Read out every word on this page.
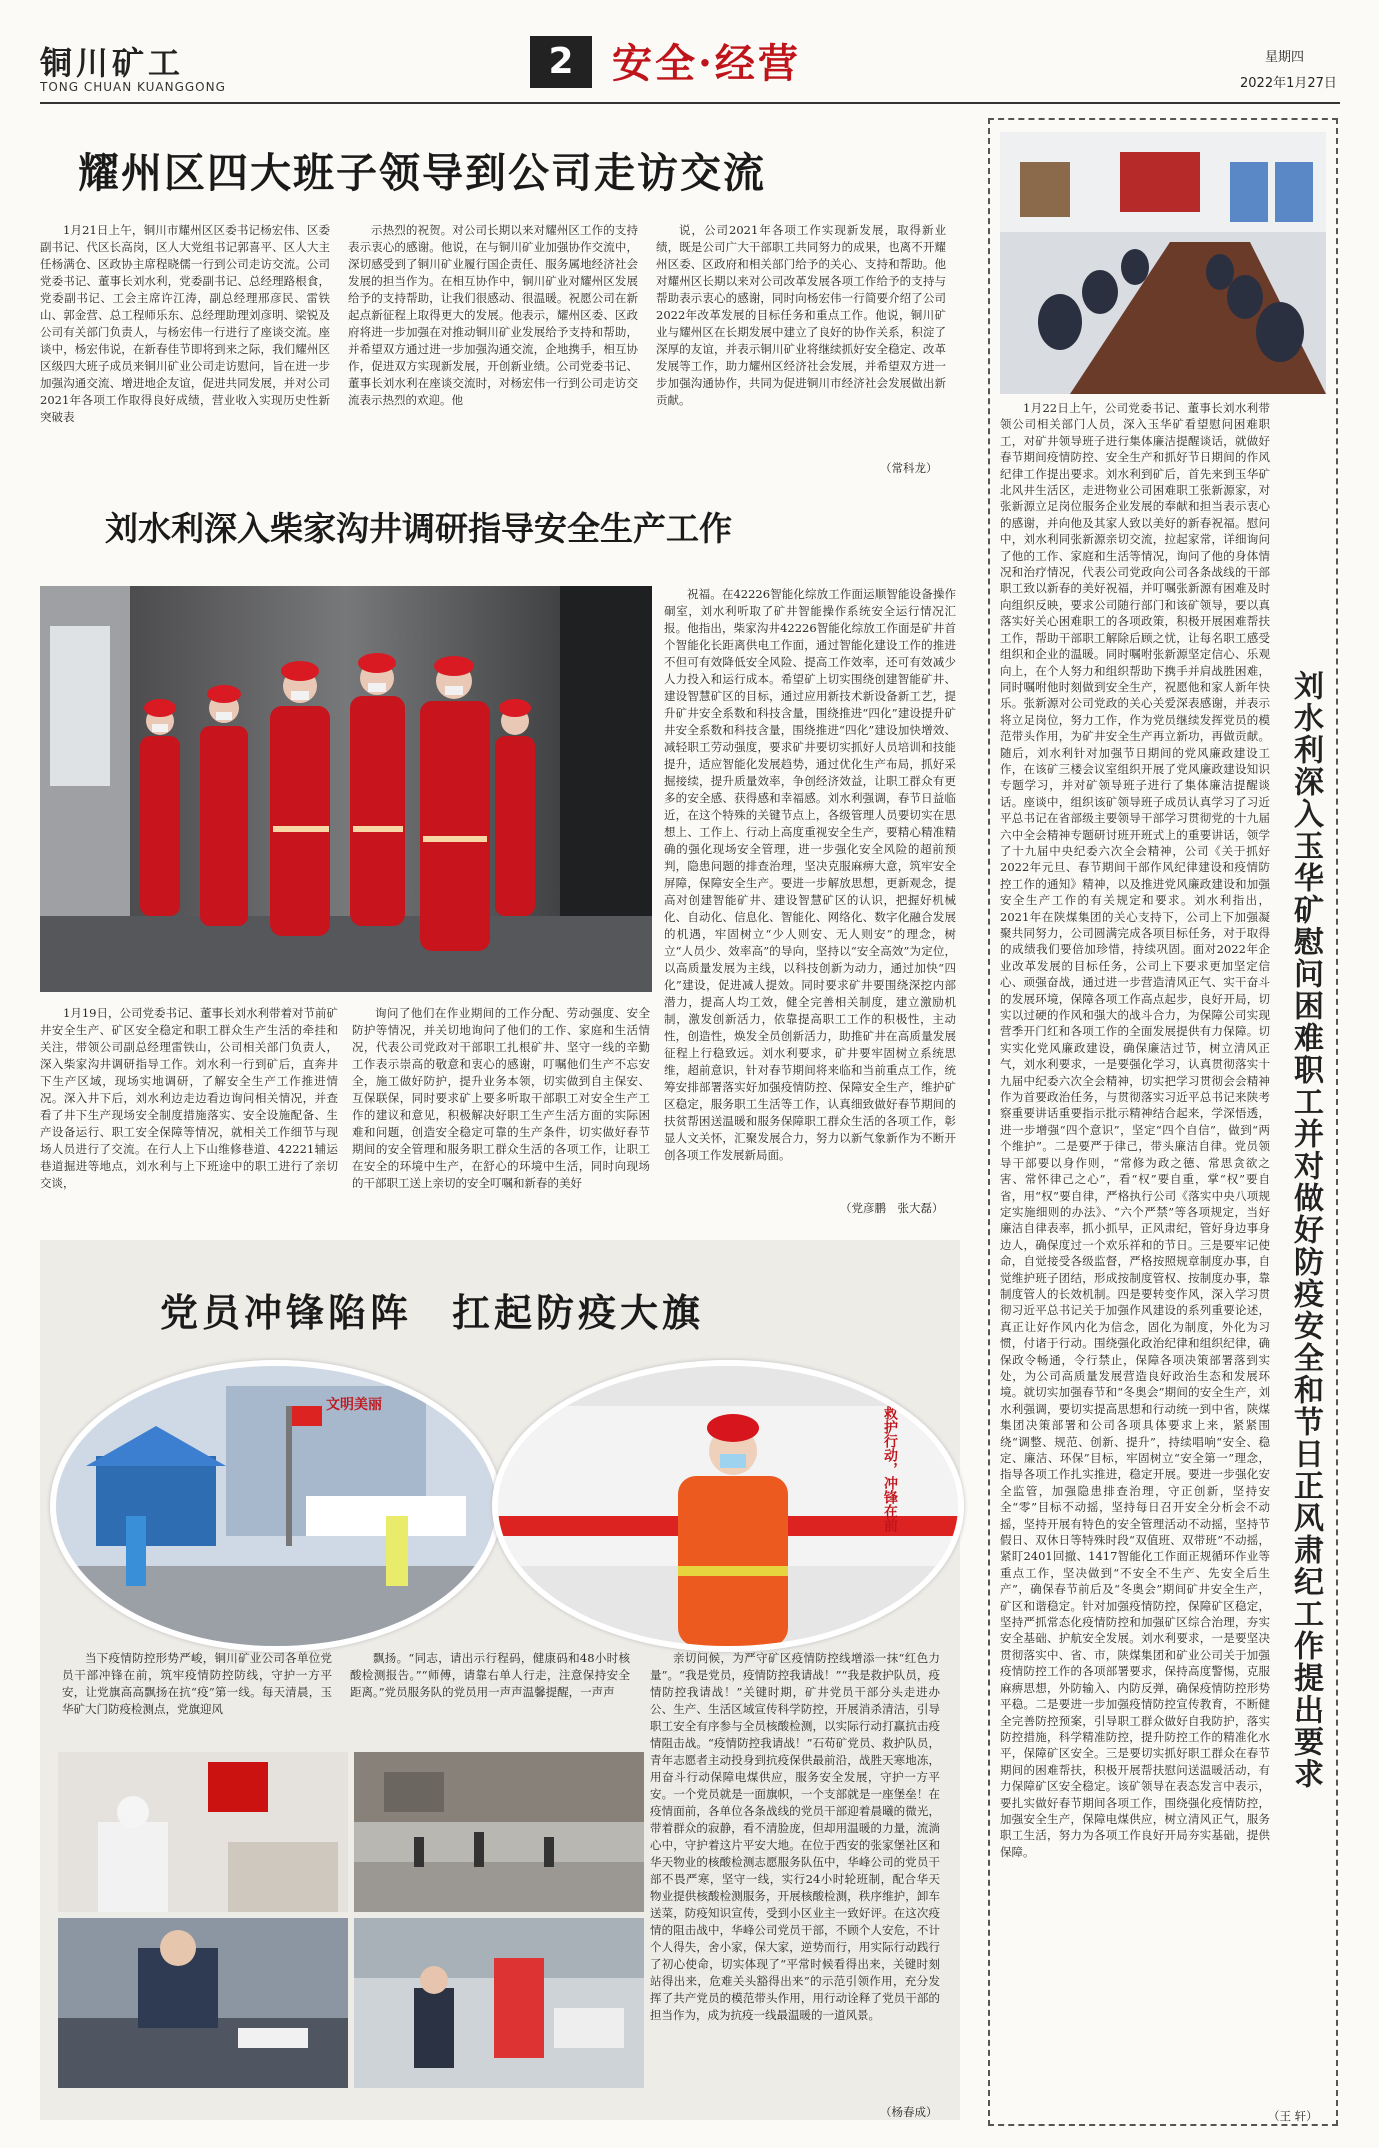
铜川矿工
TONG CHUAN KUANGGONG
2 安全·经营	星期四
2022年1月27日
耀州区四大班子领导到公司走访交流

1月21日上午，铜川市耀州区区委书记杨宏伟、区委副书记、代区长高岗，区人大党组书记郭喜平、区人大主任杨满仓、区政协主席程晓儒一行到公司走访交流。公司党委书记、董事长刘水利，党委副书记、总经理路根食，党委副书记、工会主席许江涛，副总经理邢彦民、雷铁山、郭金营、总工程师乐东、总经理助理刘彦明、梁锐及公司有关部门负责人，与杨宏伟一行进行了座谈交流。座谈中，杨宏伟说，在新春佳节即将到来之际，我们耀州区区级四大班子成员来铜川矿业公司走访慰问，旨在进一步加强沟通交流、增进地企友谊，促进共同发展，并对公司2021年各项工作取得良好成绩，营业收入实现历史性新突破表

示热烈的祝贺。对公司长期以来对耀州区工作的支持表示衷心的感谢。他说，在与铜川矿业加强协作交流中，深切感受到了铜川矿业履行国企责任、服务属地经济社会发展的担当作为。在相互协作中，铜川矿业对耀州区发展给予的支持帮助，让我们很感动、很温暖。祝愿公司在新起点新征程上取得更大的发展。他表示，耀州区委、区政府将进一步加强在对推动铜川矿业发展给予支持和帮助，并希望双方通过进一步加强沟通交流，企地携手，相互协作，促进双方实现新发展，开创新业绩。公司党委书记、董事长刘水利在座谈交流时，对杨宏伟一行到公司走访交流表示热烈的欢迎。他

说，公司2021年各项工作实现新发展，取得新业绩，既是公司广大干部职工共同努力的成果，也离不开耀州区委、区政府和相关部门给予的关心、支持和帮助。他对耀州区长期以来对公司改革发展各项工作给予的支持与帮助表示衷心的感谢，同时向杨宏伟一行简要介绍了公司2022年改革发展的目标任务和重点工作。他说，铜川矿业与耀州区在长期发展中建立了良好的协作关系，积淀了深厚的友谊，并表示铜川矿业将继续抓好安全稳定、改革发展等工作，助力耀州区经济社会发展，并希望双方进一步加强沟通协作，共同为促进铜川市经济社会发展做出新贡献。

（常科龙）
刘水利深入柴家沟井调研指导安全生产工作

1月19日，公司党委书记、董事长刘水利带着对节前矿井安全生产、矿区安全稳定和职工群众生产生活的牵挂和关注，带领公司副总经理雷铁山，公司相关部门负责人，深入柴家沟井调研指导工作。刘水利一行到矿后，直奔井下生产区域，现场实地调研，了解安全生产工作推进情况。深入井下后，刘水利边走边看边询问相关情况，并查看了井下生产现场安全制度措施落实、安全设施配备、生产设备运行、职工安全保障等情况，就相关工作细节与现场人员进行了交流。在行人上下山维修巷道、42221辅运巷道掘进等地点，刘水利与上下班途中的职工进行了亲切交谈，

询问了他们在作业期间的工作分配、劳动强度、安全防护等情况，并关切地询问了他们的工作、家庭和生活情况，代表公司党政对干部职工扎根矿井、坚守一线的辛勤工作表示崇高的敬意和衷心的感谢，叮嘱他们生产不忘安全，施工做好防护，提升业务本领，切实做到自主保安、互保联保，同时要求矿上要多听取干部职工对安全生产工作的建议和意见，积极解决好职工生产生活方面的实际困难和问题，创造安全稳定可靠的生产条件，切实做好春节期间的安全管理和服务职工群众生活的各项工作，让职工在安全的环境中生产，在舒心的环境中生活，同时向现场的干部职工送上亲切的安全叮嘱和新春的美好

祝福。在42226智能化综放工作面运顺智能设备操作硐室，刘水利听取了矿井智能操作系统安全运行情况汇报。他指出，柴家沟井42226智能化综放工作面是矿井首个智能化长距离供电工作面，通过智能化建设工作的推进不但可有效降低安全风险、提高工作效率，还可有效减少人力投入和运行成本。希望矿上切实围绕创建智能矿井、建设智慧矿区的目标，通过应用新技术新设备新工艺，提升矿井安全系数和科技含量，围绕推进“四化”建设提升矿井安全系数和科技含量，围绕推进“四化”建设加快增效、减轻职工劳动强度，要求矿井要切实抓好人员培训和技能提升，适应智能化发展趋势，通过优化生产布局，抓好采掘接续，提升质量效率，争创经济效益，让职工群众有更多的安全感、获得感和幸福感。刘水利强调，春节日益临近，在这个特殊的关键节点上，各级管理人员要切实在思想上、工作上、行动上高度重视安全生产，要精心精准精确的强化现场安全管理，进一步强化安全风险的超前预判，隐患问题的排查治理，坚决克服麻痹大意，筑牢安全屏障，保障安全生产。要进一步解放思想，更新观念，提高对创建智能矿井、建设智慧矿区的认识，把握好机械化、自动化、信息化、智能化、网络化、数字化融合发展的机遇，牢固树立“少人则安、无人则安”的理念，树立“人员少、效率高”的导向，坚持以“安全高效”为定位，以高质量发展为主线，以科技创新为动力，通过加快“四化”建设，促进减人提效。同时要求矿井要围绕深挖内部潜力，提高人均工效，健全完善相关制度，建立激励机制，激发创新活力，依靠提高职工工作的积极性，主动性，创造性，焕发全员创新活力，助推矿井在高质量发展征程上行稳致远。刘水利要求，矿井要牢固树立系统思维，超前意识，针对春节期间将来临和当前重点工作，统筹安排部署落实好加强疫情防控、保障安全生产，维护矿区稳定，服务职工生活等工作，认真细致做好春节期间的扶贫帮困送温暖和服务保障职工群众生活的各项工作，彰显人文关怀，汇聚发展合力，努力以新气象新作为不断开创各项工作发展新局面。

（党彦鹏　张大磊）

1月22日上午，公司党委书记、董事长刘水利带领公司相关部门人员，深入玉华矿看望慰问困难职工，对矿井领导班子进行集体廉洁提醒谈话，就做好春节期间疫情防控、安全生产和抓好节日期间的作风纪律工作提出要求。刘水利到矿后，首先来到玉华矿北风井生活区，走进物业公司困难职工张新源家，对张新源立足岗位服务企业发展的奉献和担当表示衷心的感谢，并向他及其家人致以美好的新春祝福。慰问中，刘水利同张新源亲切交流，拉起家常，详细询问了他的工作、家庭和生活等情况，询问了他的身体情况和治疗情况，代表公司党政向公司各条战线的干部职工致以新春的美好祝福，并叮嘱张新源有困难及时向组织反映，要求公司随行部门和该矿领导，要以真落实好关心困难职工的各项政策，积极开展困难帮扶工作，帮助干部职工解除后顾之忧，让每名职工感受组织和企业的温暖。同时嘱咐张新源坚定信心、乐观向上，在个人努力和组织帮助下携手并肩战胜困难，同时嘱咐他时刻做到安全生产，祝愿他和家人新年快乐。张新源对公司党政的关心关爱深表感谢，并表示将立足岗位，努力工作，作为党员继续发挥党员的模范带头作用，为矿井安全生产再立新功，再做贡献。随后，刘水利针对加强节日期间的党风廉政建设工作，在该矿三楼会议室组织开展了党风廉政建设知识专题学习，并对矿领导班子进行了集体廉洁提醒谈话。座谈中，组织该矿领导班子成员认真学习了习近平总书记在省部级主要领导干部学习贯彻党的十九届六中全会精神专题研讨班开班式上的重要讲话，领学了十九届中央纪委六次全会精神，公司《关于抓好2022年元旦、春节期间干部作风纪律建设和疫情防控工作的通知》精神，以及推进党风廉政建设和加强安全生产工作的有关规定和要求。刘水利指出，2021年在陕煤集团的关心支持下，公司上下加强凝聚共同努力，公司圆满完成各项目标任务，对于取得的成绩我们要倍加珍惜，持续巩固。面对2022年企业改革发展的目标任务，公司上下要求更加坚定信心、顽强奋战，通过进一步营造清风正气、实干奋斗的发展环境，保障各项工作高点起步，良好开局，切实以过硬的作风和强大的战斗合力，为保障公司实现营季开门红和各项工作的全面发展提供有力保障。切实实化党风廉政建设，确保廉洁过节，树立清风正气，刘水利要求，一是要强化学习，认真贯彻落实十九届中纪委六次全会精神，切实把学习贯彻会会精神作为首要政治任务，与贯彻落实习近平总书记来陕考察重要讲话重要指示批示精神结合起来，学深悟透，进一步增强“四个意识”，坚定“四个自信”，做到“两个维护”。二是要严于律己，带头廉洁自律。党员领导干部要以身作则，“常修为政之德、常思贪欲之害、常怀律己之心”，看“权”要自重，掌“权”要自省，用“权”要自律，严格执行公司《落实中央八项规定实施细则的办法》、“六个严禁”等各项规定，当好廉洁自律表率，抓小抓早，正风肃纪，管好身边事身边人，确保度过一个欢乐祥和的节日。三是要牢记使命，自觉接受各级监督，严格按照规章制度办事，自觉维护班子团结，形成按制度管权、按制度办事，靠制度管人的长效机制。四是要转变作风，深入学习贯彻习近平总书记关于加强作风建设的系列重要论述，真正让好作风内化为信念，固化为制度，外化为习惯，付诸于行动。围绕强化政治纪律和组织纪律，确保政令畅通，令行禁止，保障各项决策部署落到实处，为公司高质量发展营造良好政治生态和发展环境。就切实加强春节和“冬奥会”期间的安全生产，刘水利强调，要切实提高思想和行动统一到中省，陕煤集团决策部署和公司各项具体要求上来，紧紧围绕“调整、规范、创新、提升”，持续唱响“安全、稳定、廉洁、环保”目标，牢固树立“安全第一”理念，指导各项工作扎实推进，稳定开展。要进一步强化安全监管，加强隐患排查治理，守正创新，坚持安全“零”目标不动摇，坚持每日召开安全分析会不动摇，坚持开展有特色的安全管理活动不动摇，坚持节假日、双休日等特殊时段“双值班、双带班”不动摇，紧盯2401回撤、1417智能化工作面正规循环作业等重点工作，坚决做到“不安全不生产、先安全后生产”，确保春节前后及“冬奥会”期间矿井安全生产，矿区和谐稳定。针对加强疫情防控，保障矿区稳定，坚持严抓常态化疫情防控和加强矿区综合治理，夯实安全基础、护航安全发展。刘水利要求，一是要坚决贯彻落实中、省、市，陕煤集团和矿业公司关于加强疫情防控工作的各项部署要求，保持高度警惕，克服麻痹思想，外防输入、内防反弹，确保疫情防控形势平稳。二是要进一步加强疫情防控宣传教育，不断健全完善防控预案，引导职工群众做好自我防护，落实防控措施，科学精准防控，提升防控工作的精准化水平，保障矿区安全。三是要切实抓好职工群众在春节期间的困难帮扶，积极开展帮扶慰问送温暖活动，有力保障矿区安全稳定。该矿领导在表态发言中表示，要扎实做好春节期间各项工作，围绕强化疫情防控，加强安全生产，保障电煤供应，树立清风正气，服务职工生活，努力为各项工作良好开局夯实基础，提供保障。

（王 轩）
刘水利深入玉华矿慰问困难职工并对做好防疫安全和节日正风肃纪工作提出要求
党员冲锋陷阵 扛起防疫大旗
文明美丽
救护行动，冲锋在前

当下疫情防控形势严峻，铜川矿业公司各单位党员干部冲锋在前，筑牢疫情防控防线，守护一方平安，让党旗高高飘扬在抗“疫”第一线。每天清晨，玉华矿大门防疫检测点，党旗迎风

飘扬。“同志，请出示行程码，健康码和48小时核酸检测报告。”“师傅，请靠右单人行走，注意保持安全距离。”党员服务队的党员用一声声温馨提醒，一声声

亲切问候，为严守矿区疫情防控线增添一抹“红色力量”。“我是党员，疫情防控我请战！”“我是救护队员，疫情防控我请战！”关键时期，矿井党员干部分头走进办公、生产、生活区域宣传科学防控，开展消杀清洁，引导职工安全有序参与全员核酸检测，以实际行动打赢抗击疫情阻击战。“疫情防控我请战！”石苟矿党员、救护队员，青年志愿者主动投身到抗疫保供最前沿，战胜天寒地冻，用奋斗行动保障电煤供应，服务安全发展，守护一方平安。一个党员就是一面旗帜，一个支部就是一座堡垒！在疫情面前，各单位各条战线的党员干部迎着晨曦的微光，带着群众的寂静，看不清脸庞，但却用温暖的力量，流淌心中，守护着这片平安大地。在位于西安的张家堡社区和华天物业的核酸检测志愿服务队伍中，华峰公司的党员干部不畏严寒，坚守一线，实行24小时轮班制，配合华天物业提供核酸检测服务，开展核酸检测，秩序维护，卸车送菜，防疫知识宣传，受到小区业主一致好评。在这次疫情的阻击战中，华峰公司党员干部，不顾个人安危，不计个人得失，舍小家，保大家，逆势而行，用实际行动践行了初心使命，切实体现了“平常时候看得出来，关键时刻站得出来，危难关头豁得出来”的示范引领作用，充分发挥了共产党员的模范带头作用，用行动诠释了党员干部的担当作为，成为抗疫一线最温暖的一道风景。

（杨春成）
